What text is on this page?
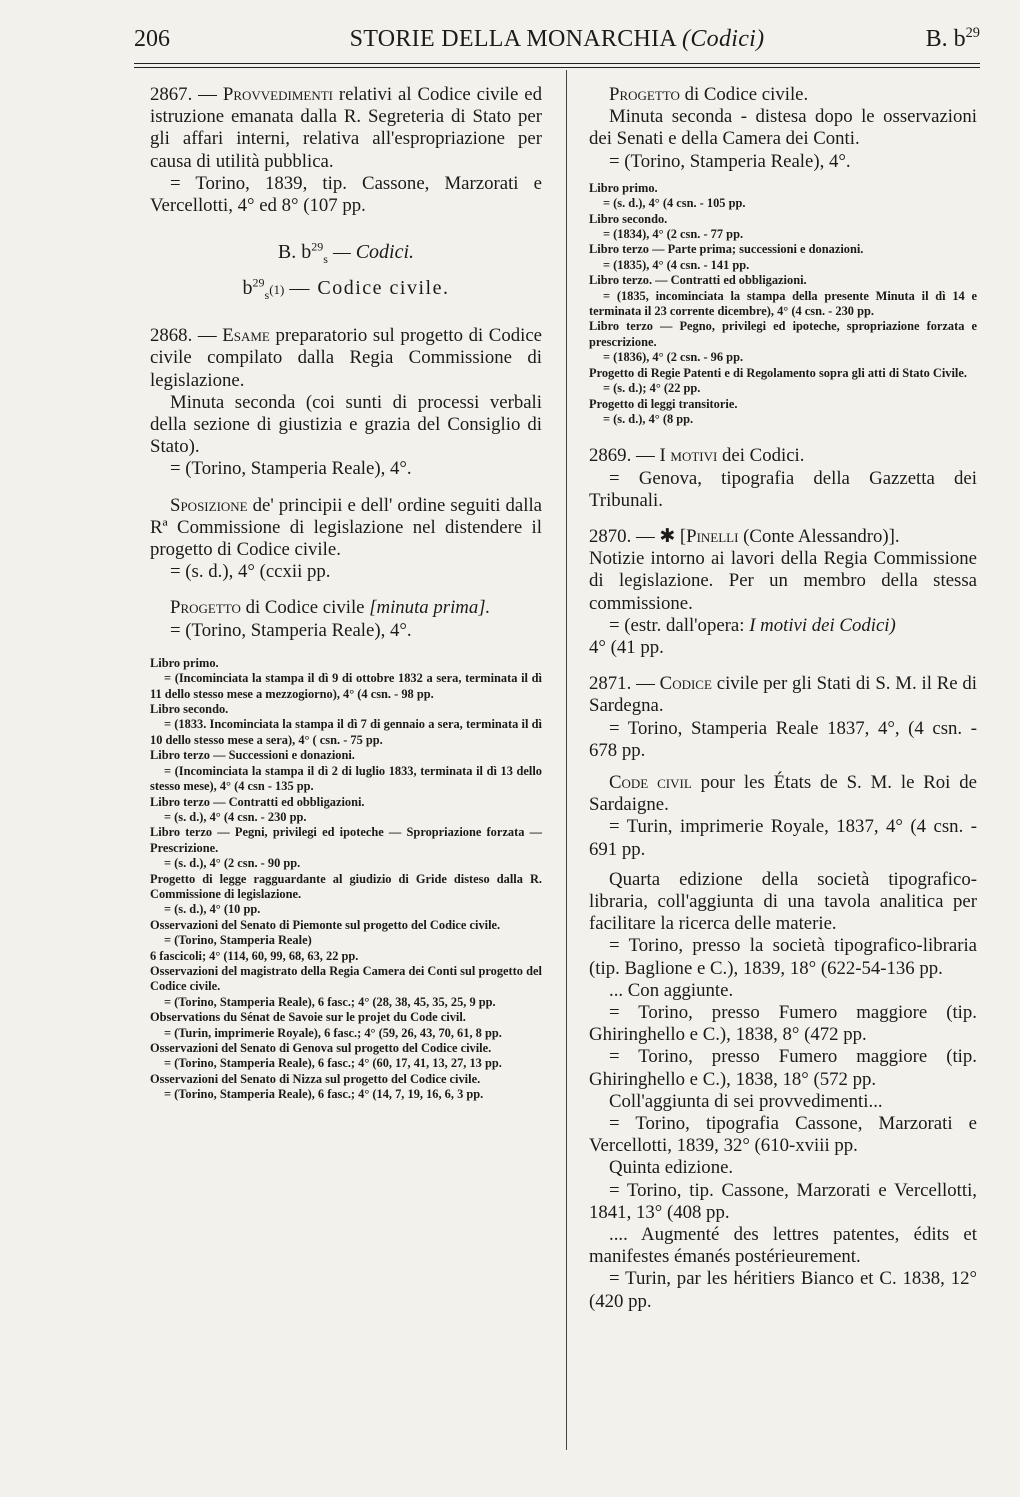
206	STORIE DELLA MONARCHIA (Codici)	B. $b^{29}$

2867. — Provvedimenti relativi al Codice civile ed istruzione emanata dalla R. Segreteria di Stato per gli affari interni, relativa all'espropriazione per causa di utilità pubblica.

= Torino, 1839, tip. Cassone, Marzorati e Vercellotti, 4° ed 8° (107 pp.

B. $b^{29}_s$ — Codici.

$b^{29}_s(1)$ — Codice civile.

2868. — Esame preparatorio sul progetto di Codice civile compilato dalla Regia Commissione di legislazione.

Minuta seconda (coi sunti di processi verbali della sezione di giustizia e grazia del Consiglio di Stato).

= (Torino, Stamperia Reale), 4°.

Sposizione de' principii e dell' ordine seguiti dalla Rª Commissione di legislazione nel distendere il progetto di Codice civile.

= (s. d.), 4° (ccxii pp.

Progetto di Codice civile [minuta prima].

= (Torino, Stamperia Reale), 4°.

Libro primo.

= (Incominciata la stampa il dì 9 di ottobre 1832 a sera, terminata il dì 11 dello stesso mese a mezzogiorno), 4° (4 csn. - 98 pp.

Libro secondo.

= (1833. Incominciata la stampa il dì 7 di gennaio a sera, terminata il dì 10 dello stesso mese a sera), 4° ( csn. - 75 pp.

Libro terzo — Successioni e donazioni.

= (Incominciata la stampa il dì 2 di luglio 1833, terminata il dì 13 dello stesso mese), 4° (4 csn - 135 pp.

Libro terzo — Contratti ed obbligazioni.

= (s. d.), 4° (4 csn. - 230 pp.

Libro terzo — Pegni, privilegi ed ipoteche — Spropriazione forzata — Prescrizione.

= (s. d.), 4° (2 csn. - 90 pp.

Progetto di legge ragguardante al giudizio di Gride disteso dalla R. Commissione di legislazione.

= (s. d.), 4° (10 pp.

Osservazioni del Senato di Piemonte sul progetto del Codice civile.

= (Torino, Stamperia Reale)

6 fascicoli; 4° (114, 60, 99, 68, 63, 22 pp.

Osservazioni del magistrato della Regia Camera dei Conti sul progetto del Codice civile.

= (Torino, Stamperia Reale), 6 fasc.; 4° (28, 38, 45, 35, 25, 9 pp.

Observations du Sénat de Savoie sur le projet du Code civil.

= (Turin, imprimerie Royale), 6 fasc.; 4° (59, 26, 43, 70, 61, 8 pp.

Osservazioni del Senato di Genova sul progetto del Codice civile.

= (Torino, Stamperia Reale), 6 fasc.; 4° (60, 17, 41, 13, 27, 13 pp.

Osservazioni del Senato di Nizza sul progetto del Codice civile.

= (Torino, Stamperia Reale), 6 fasc.; 4° (14, 7, 19, 16, 6, 3 pp.

Progetto di Codice civile.

Minuta seconda - distesa dopo le osservazioni dei Senati e della Camera dei Conti.

= (Torino, Stamperia Reale), 4°.

Libro primo.

= (s. d.), 4° (4 csn. - 105 pp.

Libro secondo.

= (1834), 4° (2 csn. - 77 pp.

Libro terzo — Parte prima; successioni e donazioni.

= (1835), 4° (4 csn. - 141 pp.

Libro terzo. — Contratti ed obbligazioni.

= (1835, incominciata la stampa della presente Minuta il dì 14 e terminata il 23 corrente dicembre), 4° (4 csn. - 230 pp.

Libro terzo — Pegno, privilegi ed ipoteche, spropriazione forzata e prescrizione.

= (1836), 4° (2 csn. - 96 pp.

Progetto di Regie Patenti e di Regolamento sopra gli atti di Stato Civile.

= (s. d.); 4° (22 pp.

Progetto di leggi transitorie.

= (s. d.), 4° (8 pp.

2869. — I motivi dei Codici.

= Genova, tipografia della Gazzetta dei Tribunali.

2870. — ✱ [Pinelli (Conte Alessandro)].

Notizie intorno ai lavori della Regia Commissione di legislazione. Per un membro della stessa commissione.

= (estr. dall'opera: I motivi dei Codici)

4° (41 pp.

2871. — Codice civile per gli Stati di S. M. il Re di Sardegna.

= Torino, Stamperia Reale 1837, 4°, (4 csn. - 678 pp.

Code civil pour les États de S. M. le Roi de Sardaigne.

= Turin, imprimerie Royale, 1837, 4° (4 csn. - 691 pp.

Quarta edizione della società tipografico-libraria, coll'aggiunta di una tavola analitica per facilitare la ricerca delle materie.

= Torino, presso la società tipografico-libraria (tip. Baglione e C.), 1839, 18° (622-54-136 pp.

... Con aggiunte.

= Torino, presso Fumero maggiore (tip. Ghiringhello e C.), 1838, 8° (472 pp.

= Torino, presso Fumero maggiore (tip. Ghiringhello e C.), 1838, 18° (572 pp.

Coll'aggiunta di sei provvedimenti...

= Torino, tipografia Cassone, Marzorati e Vercellotti, 1839, 32° (610-xviii pp.

Quinta edizione.

= Torino, tip. Cassone, Marzorati e Vercellotti, 1841, 13° (408 pp.

.... Augmenté des lettres patentes, édits et manifestes émanés postérieurement.

= Turin, par les héritiers Bianco et C. 1838, 12° (420 pp.
